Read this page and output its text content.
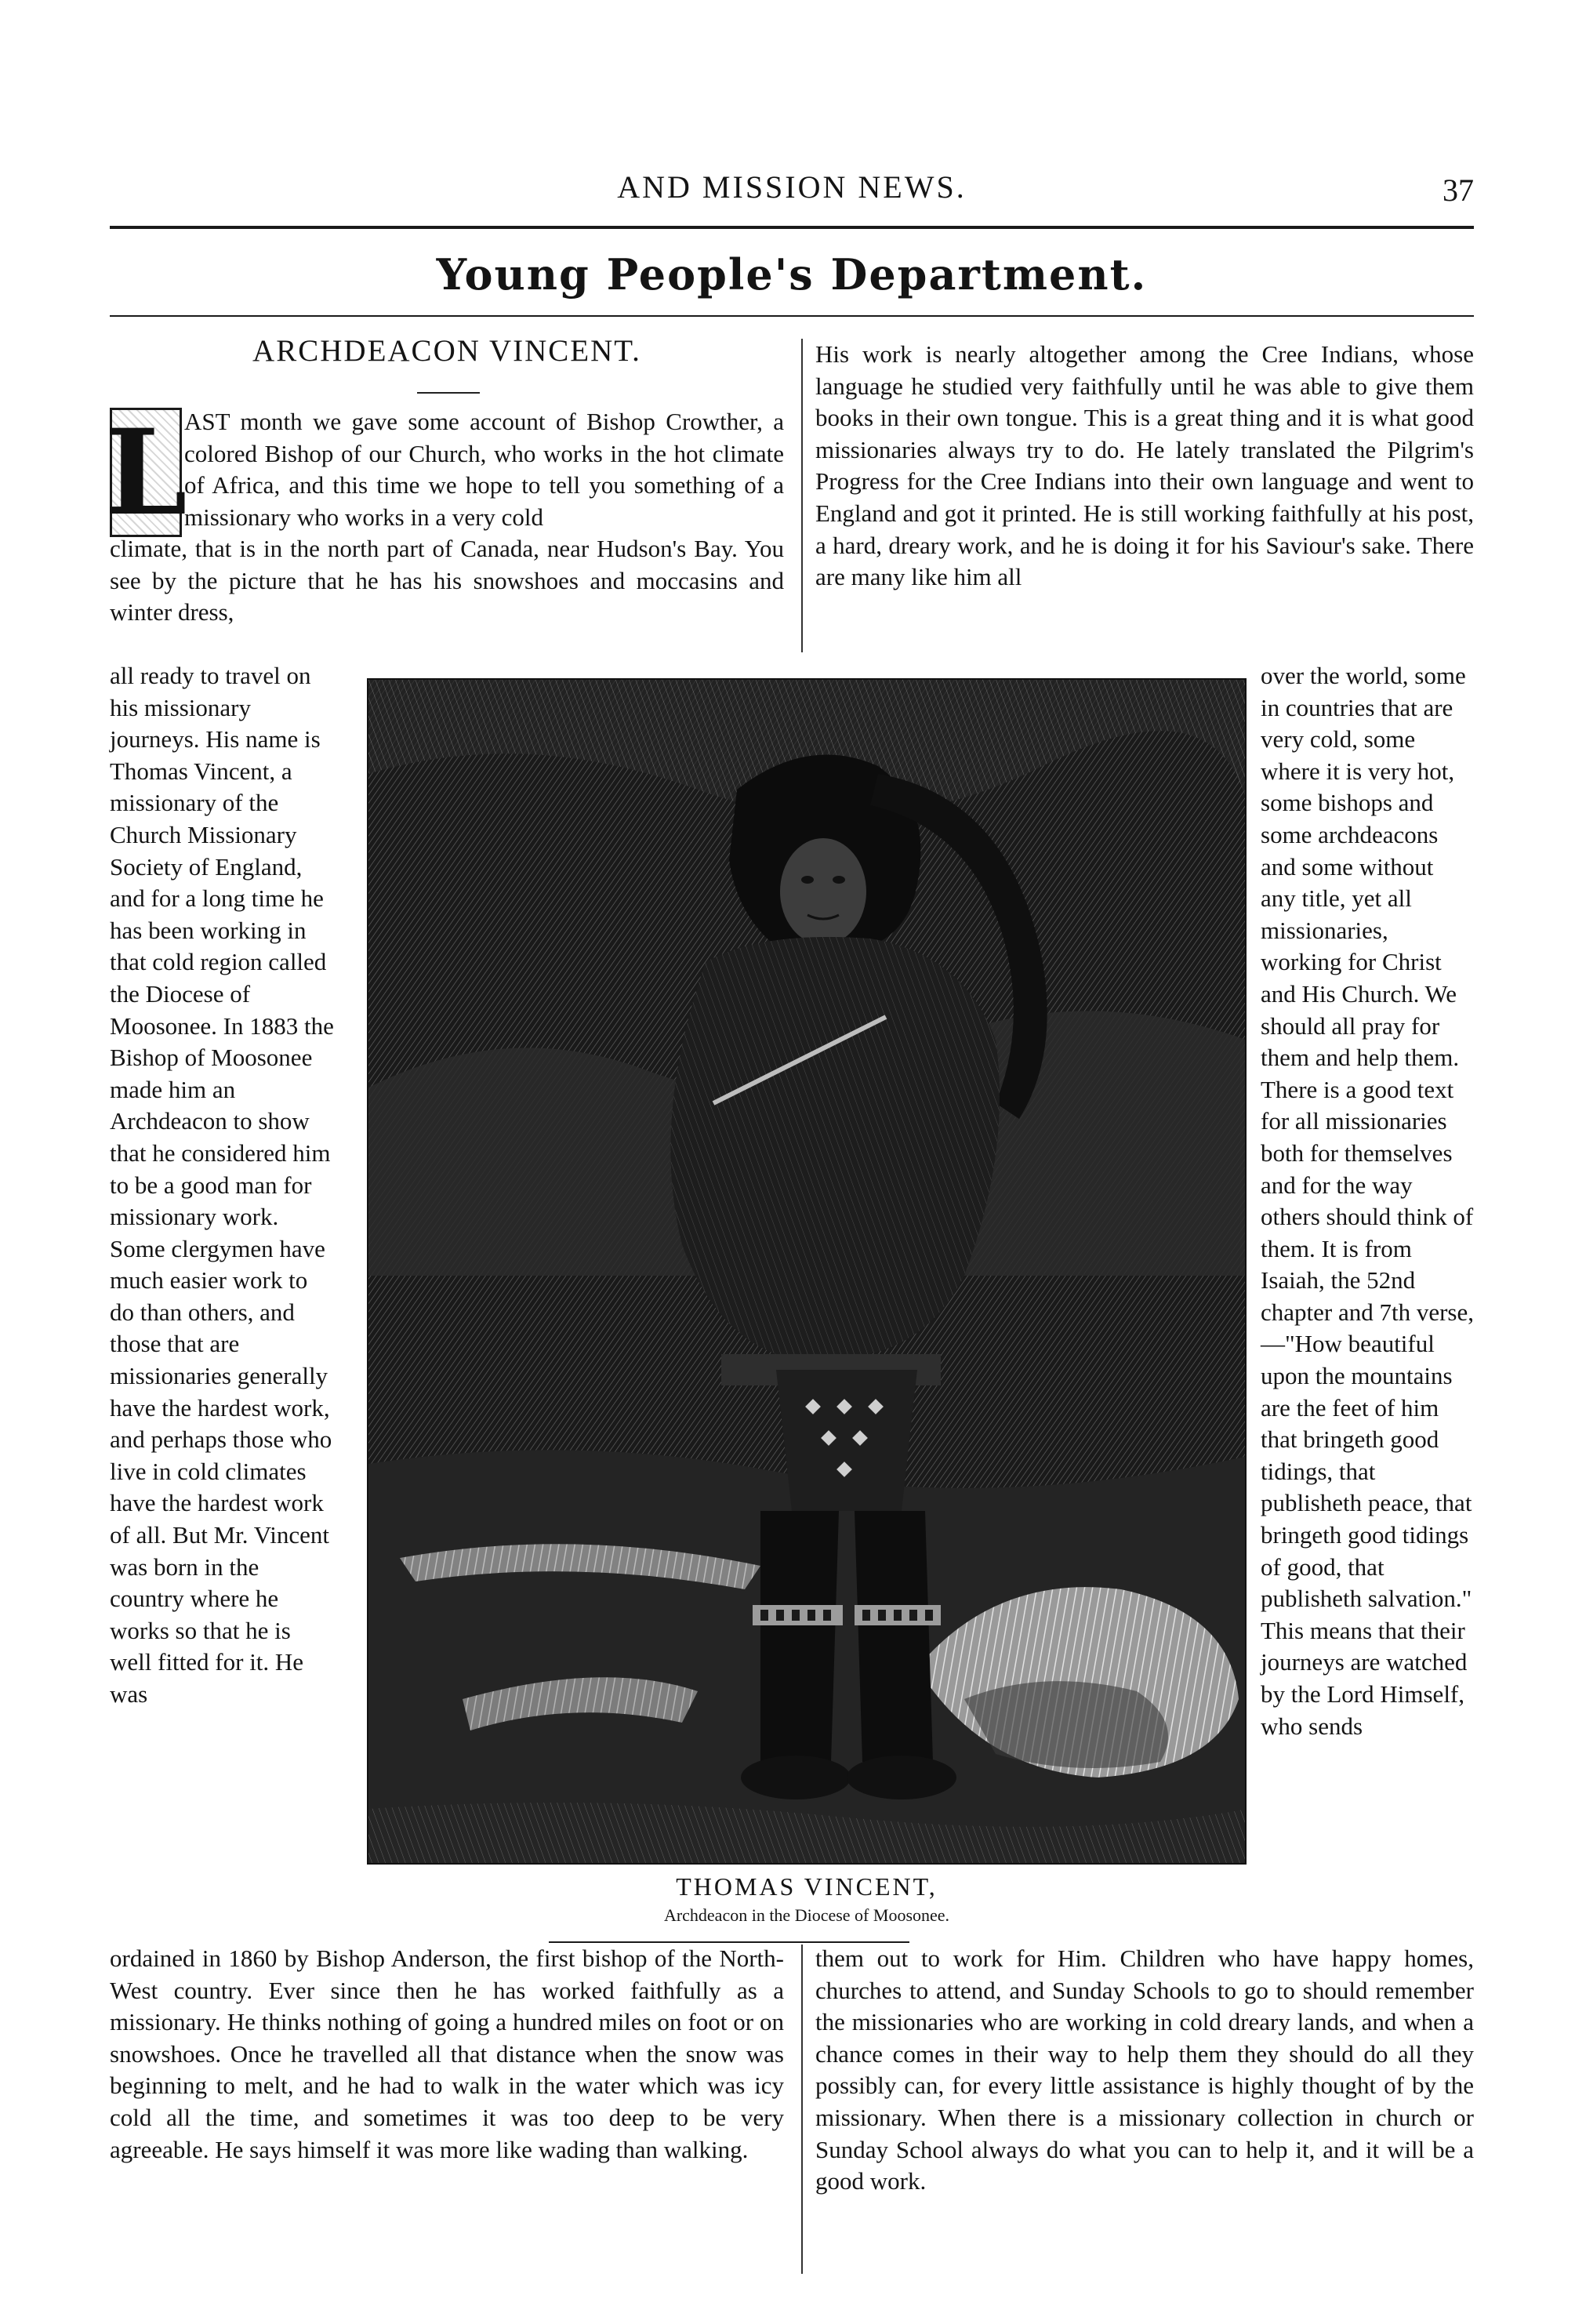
AND MISSION NEWS.	37
Young People's Department.
ARCHDEACON VINCENT.
L

AST month we gave some account of Bishop Crowther, a colored Bishop of our Church, who works in the hot climate of Africa, and this time we hope to tell you something of a missionary who works in a very cold

climate, that is in the north part of Canada, near Hudson's Bay. You see by the picture that he has his snowshoes and moccasins and winter dress,

all ready to travel on his missionary journeys. His name is Thomas Vincent, a missionary of the Church Missionary Society of England, and for a long time he has been working in that cold region called the Diocese of Moosonee. In 1883 the Bishop of Moosonee made him an Archdeacon to show that he considered him to be a good man for missionary work. Some clergymen have much easier work to do than others, and those that are missionaries generally have the hardest work, and perhaps those who live in cold climates have the hardest work of all. But Mr. Vincent was born in the country where he works so that he is well fitted for it. He was

ordained in 1860 by Bishop Anderson, the first bishop of the North-West country. Ever since then he has worked faithfully as a missionary. He thinks nothing of going a hundred miles on foot or on snowshoes. Once he travelled all that distance when the snow was beginning to melt, and he had to walk in the water which was icy cold all the time, and sometimes it was too deep to be very agreeable. He says himself it was more like wading than walking.

His work is nearly altogether among the Cree Indians, whose language he studied very faithfully until he was able to give them books in their own tongue. This is a great thing and it is what good missionaries always try to do. He lately translated the Pilgrim's Progress for the Cree Indians into their own language and went to England and got it printed. He is still working faithfully at his post, a hard, dreary work, and he is doing it for his Saviour's sake. There are many like him all

over the world, some in countries that are very cold, some where it is very hot, some bishops and some archdeacons and some without any title, yet all missionaries, working for Christ and His Church. We should all pray for them and help them. There is a good text for all missionaries both for themselves and for the way others should think of them. It is from Isaiah, the 52nd chapter and 7th verse,—"How beautiful upon the mountains are the feet of him that bringeth good tidings, that publisheth peace, that bringeth good tidings of good, that publisheth salvation." This means that their journeys are watched by the Lord Himself, who sends

them out to work for Him. Children who have happy homes, churches to attend, and Sunday Schools to go to should remember the missionaries who are working in cold dreary lands, and when a chance comes in their way to help them they should do all they possibly can, for every little assistance is highly thought of by the missionary. When there is a missionary collection in church or Sunday School always do what you can to help it, and it will be a good work.

THOMAS VINCENT,
Archdeacon in the Diocese of Moosonee.
